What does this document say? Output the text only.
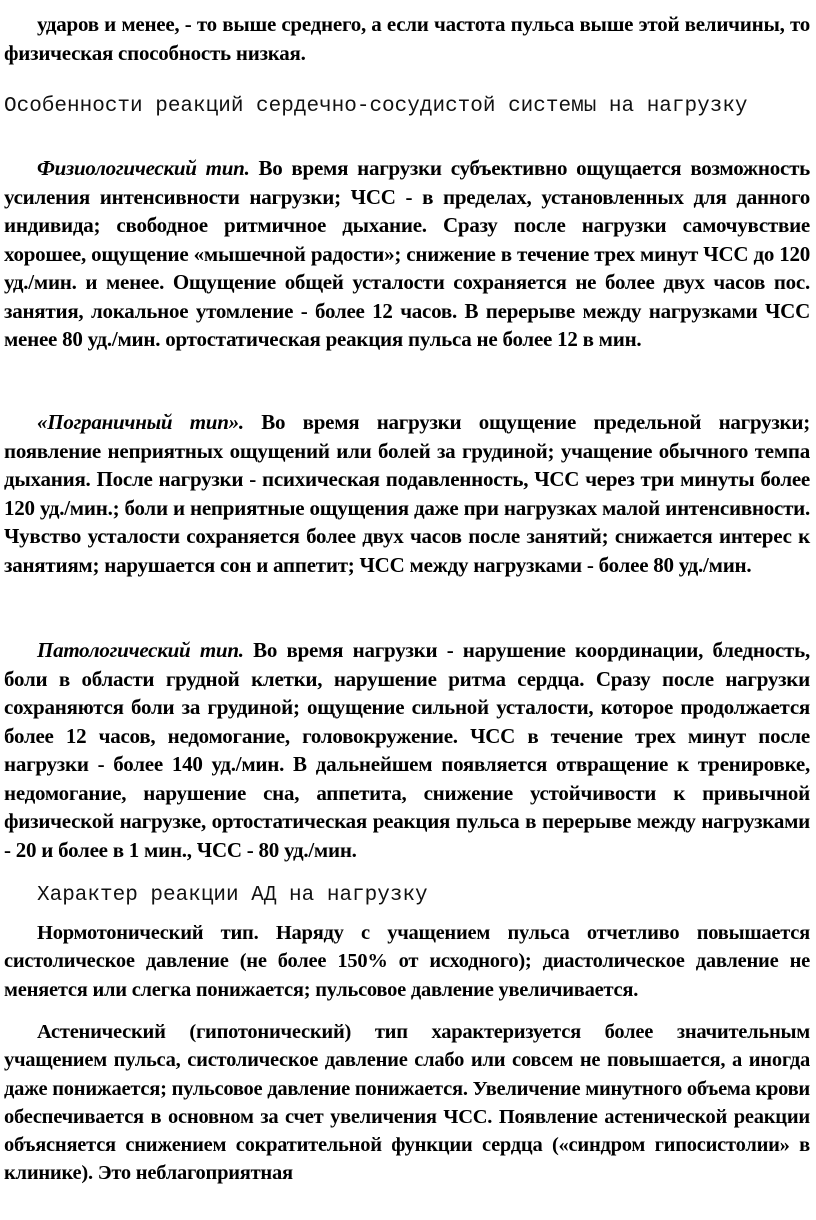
ударов и менее, - то выше среднего, а если частота пульса выше этой величины, то физическая способность низкая.

Особенности реакций сердечно-сосудистой системы на нагрузку

Физиологический тип. Во время нагрузки субъективно ощущается возможность усиления интенсивности нагрузки; ЧСС - в пределах, установленных для данного индивида; свободное ритмичное дыхание. Сразу после нагрузки самочувствие хорошее, ощущение «мышечной радости»; снижение в течение трех минут ЧСС до 120 уд./мин. и менее. Ощущение общей усталости сохраняется не более двух часов пос. занятия, локальное утомление - более 12 часов. В перерыве между нагрузками ЧСС менее 80 уд./мин. ортостатическая реакция пульса не более 12 в мин.

«Пограничный тип». Во время нагрузки ощущение предельной нагрузки; появление неприятных ощущений или болей за грудиной; учащение обычного темпа дыхания. После нагрузки - психическая подавленность, ЧСС через три минуты более 120 уд./мин.; боли и неприятные ощущения даже при нагрузках малой интенсивности. Чувство усталости сохраняется более двух часов после занятий; снижается интерес к занятиям; нарушается сон и аппетит; ЧСС между нагрузками - более 80 уд./мин.

Патологический тип. Во время нагрузки - нарушение координации, бледность, боли в области грудной клетки, нарушение ритма сердца. Сразу после нагрузки сохраняются боли за грудиной; ощущение сильной усталости, которое продолжается более 12 часов, недомогание, головокружение. ЧСС в течение трех минут после нагрузки - более 140 уд./мин. В дальнейшем появляется отвращение к тренировке, недомогание, нарушение сна, аппетита, снижение устойчивости к привычной физической нагрузке, ортостатическая реакция пульса в перерыве между нагрузками - 20 и более в 1 мин., ЧСС - 80 уд./мин.

Характер реакции АД на нагрузку

Нормотонический тип. Наряду с учащением пульса отчетливо повышается систолическое давление (не более 150% от исходного); диастолическое давление не меняется или слегка понижается; пульсовое давление увеличивается.

Астенический (гипотонический) тип характеризуется более значительным учащением пульса, систолическое давление слабо или совсем не повышается, а иногда даже понижается; пульсовое давление понижается. Увеличение минутного объема крови обеспечивается в основном за счет увеличения ЧСС. Появление астенической реакции объясняется снижением сократительной функции сердца («синдром гипосистолии» в клинике). Это неблагоприятная
